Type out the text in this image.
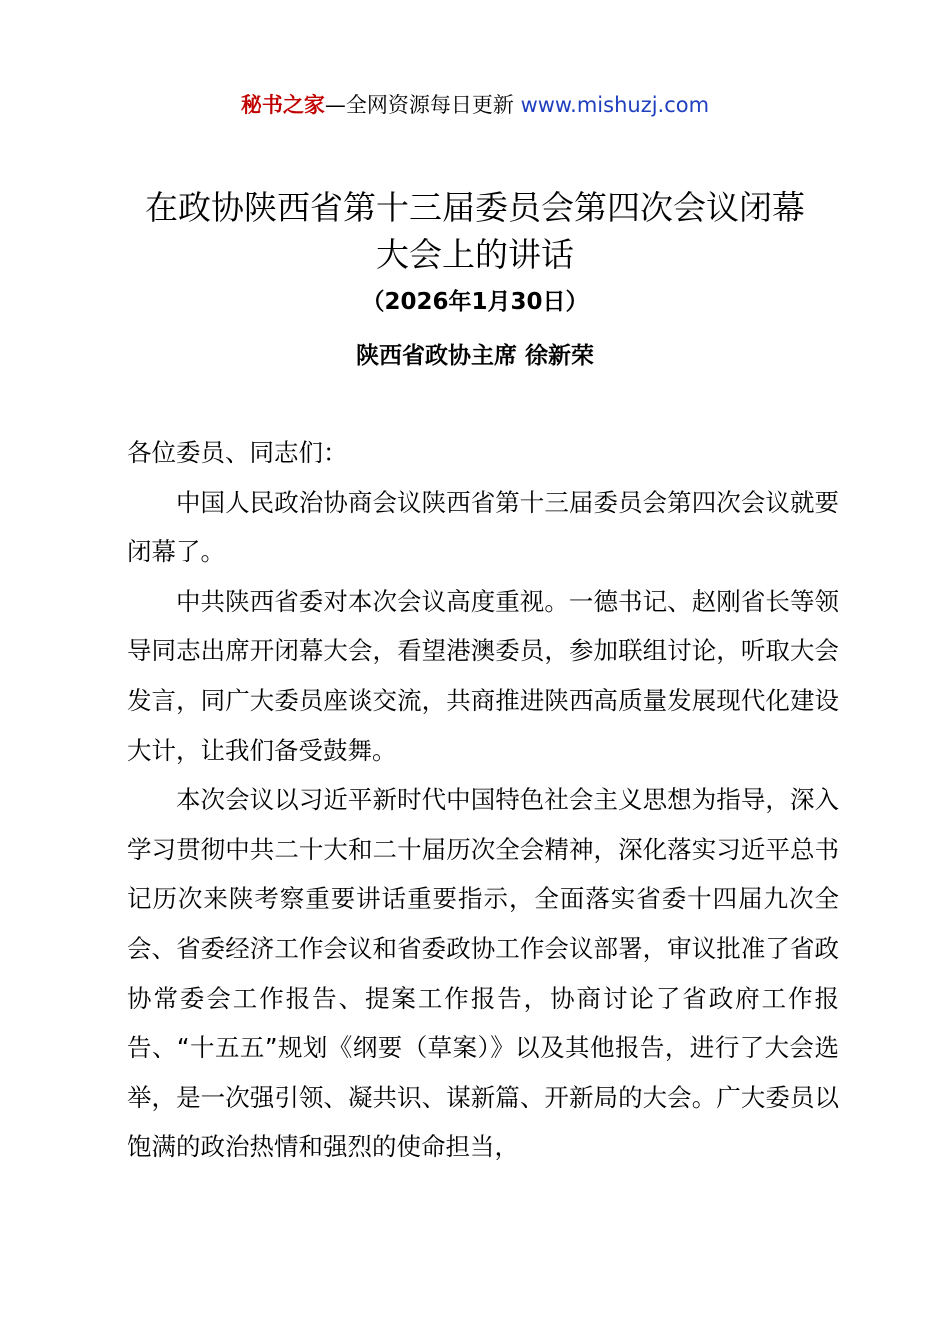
秘书之家—全网资源每日更新 www.mishuzj.com
在政协陕西省第十三届委员会第四次会议闭幕
大会上的讲话
（2026年1月30日）
陕西省政协主席 徐新荣

各位委员、同志们：

中国人民政治协商会议陕西省第十三届委员会第四次会议就要闭幕了。

中共陕西省委对本次会议高度重视。一德书记、赵刚省长等领导同志出席开闭幕大会，看望港澳委员，参加联组讨论，听取大会发言，同广大委员座谈交流，共商推进陕西高质量发展现代化建设大计，让我们备受鼓舞。

本次会议以习近平新时代中国特色社会主义思想为指导，深入学习贯彻中共二十大和二十届历次全会精神，深化落实习近平总书记历次来陕考察重要讲话重要指示，全面落实省委十四届九次全会、省委经济工作会议和省委政协工作会议部署，审议批准了省政协常委会工作报告、提案工作报告，协商讨论了省政府工作报告、“十五五”规划《纲要（草案）》以及其他报告，进行了大会选举，是一次强引领、凝共识、谋新篇、开新局的大会。广大委员以饱满的政治热情和强烈的使命担当，
